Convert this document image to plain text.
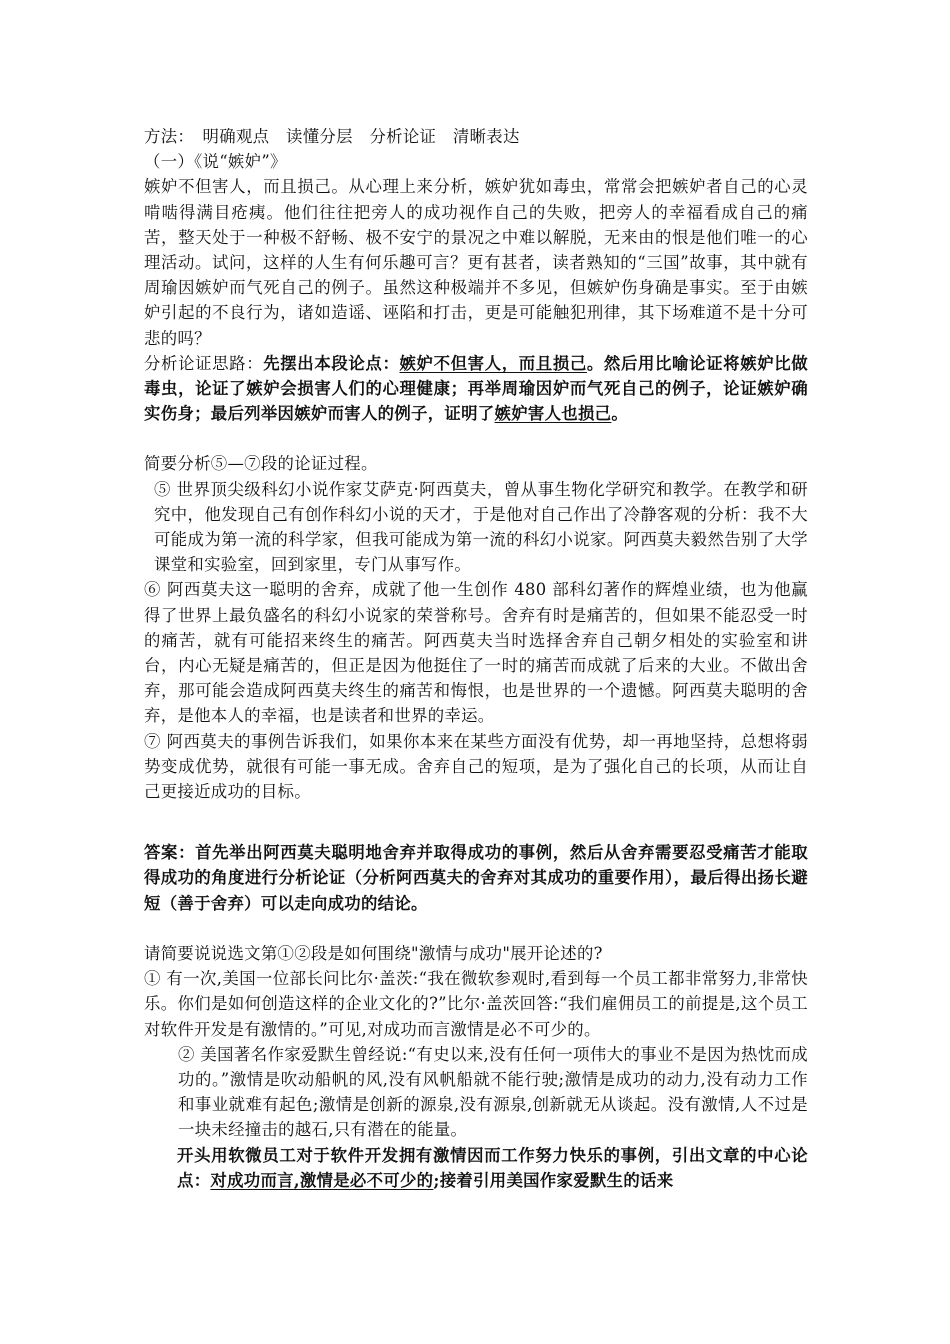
方法：　明确观点　读懂分层　分析论证　清晰表达

（一）《说“嫉妒”》

嫉妒不但害人，而且损己。从心理上来分析，嫉妒犹如毒虫，常常会把嫉妒者自己的心灵啃啮得满目疮痍。他们往往把旁人的成功视作自己的失败，把旁人的幸福看成自己的痛苦，整天处于一种极不舒畅、极不安宁的景况之中难以解脱，无来由的恨是他们唯一的心理活动。试问，这样的人生有何乐趣可言？更有甚者，读者熟知的“三国”故事，其中就有周瑜因嫉妒而气死自己的例子。虽然这种极端并不多见，但嫉妒伤身确是事实。至于由嫉妒引起的不良行为，诸如造谣、诬陷和打击，更是可能触犯刑律，其下场难道不是十分可悲的吗？

分析论证思路：先摆出本段论点：嫉妒不但害人，而且损己。然后用比喻论证将嫉妒比做毒虫，论证了嫉妒会损害人们的心理健康；再举周瑜因妒而气死自己的例子，论证嫉妒确实伤身；最后列举因嫉妒而害人的例子，证明了嫉妒害人也损己。

简要分析⑤—⑦段的论证过程。

⑤ 世界顶尖级科幻小说作家艾萨克·阿西莫夫，曾从事生物化学研究和教学。在教学和研究中，他发现自己有创作科幻小说的天才，于是他对自己作出了冷静客观的分析：我不大可能成为第一流的科学家，但我可能成为第一流的科幻小说家。阿西莫夫毅然告别了大学课堂和实验室，回到家里，专门从事写作。

⑥ 阿西莫夫这一聪明的舍弃，成就了他一生创作 480 部科幻著作的辉煌业绩，也为他赢得了世界上最负盛名的科幻小说家的荣誉称号。舍弃有时是痛苦的，但如果不能忍受一时的痛苦，就有可能招来终生的痛苦。阿西莫夫当时选择舍弃自己朝夕相处的实验室和讲台，内心无疑是痛苦的，但正是因为他挺住了一时的痛苦而成就了后来的大业。不做出舍弃，那可能会造成阿西莫夫终生的痛苦和悔恨，也是世界的一个遗憾。阿西莫夫聪明的舍弃，是他本人的幸福，也是读者和世界的幸运。

⑦ 阿西莫夫的事例告诉我们，如果你本来在某些方面没有优势，却一再地坚持，总想将弱势变成优势，就很有可能一事无成。舍弃自己的短项，是为了强化自己的长项，从而让自己更接近成功的目标。

答案：首先举出阿西莫夫聪明地舍弃并取得成功的事例，然后从舍弃需要忍受痛苦才能取得成功的角度进行分析论证（分析阿西莫夫的舍弃对其成功的重要作用），最后得出扬长避短（善于舍弃）可以走向成功的结论。

请简要说说选文第①②段是如何围绕"激情与成功"展开论述的?

① 有一次,美国一位部长问比尔·盖茨:“我在微软参观时,看到每一个员工都非常努力,非常快乐。你们是如何创造这样的企业文化的?”比尔·盖茨回答:“我们雇佣员工的前提是,这个员工对软件开发是有激情的。”可见,对成功而言激情是必不可少的。

② 美国著名作家爱默生曾经说:“有史以来,没有任何一项伟大的事业不是因为热忱而成功的。”激情是吹动船帆的风,没有风帆船就不能行驶;激情是成功的动力,没有动力工作和事业就难有起色;激情是创新的源泉,没有源泉,创新就无从谈起。没有激情,人不过是一块未经撞击的越石,只有潜在的能量。

开头用软微员工对于软件开发拥有激情因而工作努力快乐的事例，引出文章的中心论点：对成功而言,激情是必不可少的;接着引用美国作家爱默生的话来
